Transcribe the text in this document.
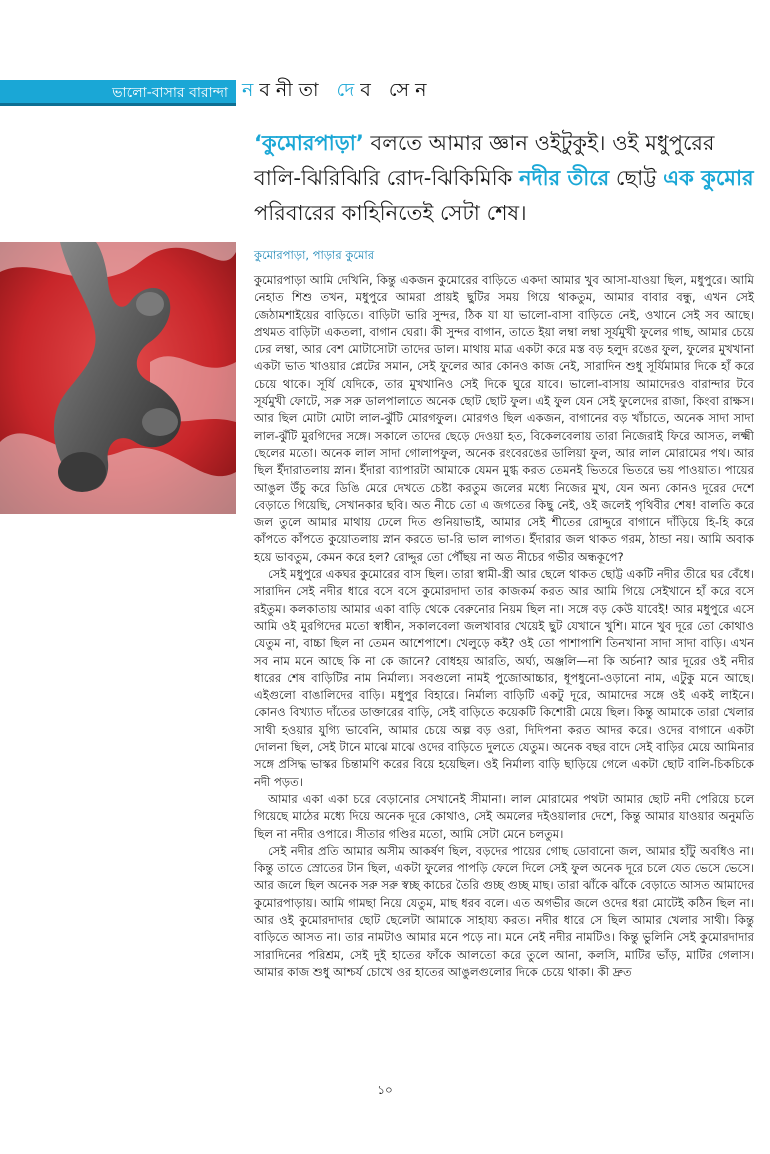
ভালো-বাসার বারান্দা নবনীতা দেব সেন
‘কুমোরপাড়া’ বলতে আমার জ্ঞান ওইটুকুই। ওই মধুপুরের বালি-ঝিরিঝিরি রোদ-ঝিকিমিকি নদীর তীরে ছোট্ট এক কুমোর পরিবারের কাহিনিতেই সেটা শেষ।
কুমোরপাড়া, পাড়ার কুমোর

কুমোরপাড়া আমি দেখিনি, কিন্তু একজন কুমোরের বাড়িতে একদা আমার খুব আসা-যাওয়া ছিল, মধুপুরে। আমি নেহাত শিশু তখন, মধুপুরে আমরা প্রায়ই ছুটির সময় গিয়ে থাকতুম, আমার বাবার বন্ধু, এখন সেই জেঠামশাইয়ের বাড়িতে। বাড়িটা ভারি সুন্দর, ঠিক যা যা ভালো-বাসা বাড়িতে নেই, ওখানে সেই সব আছে। প্রথমত বাড়িটা একতলা, বাগান ঘেরা। কী সুন্দর বাগান, তাতে ইয়া লম্বা লম্বা সূর্যমুখী ফুলের গাছ, আমার চেয়ে ঢের লম্বা, আর বেশ মোটাসোটা তাদের ডাল। মাথায় মাত্র একটা করে মস্ত বড় হলুদ রঙের ফুল, ফুলের মুখখানা একটা ভাত খাওয়ার প্লেটের সমান, সেই ফুলের আর কোনও কাজ নেই, সারাদিন শুধু সূর্যিমামার দিকে হাঁ করে চেয়ে থাকে। সূর্যি যেদিকে, তার মুখখানিও সেই দিকে ঘুরে যাবে। ভালো-বাসায় আমাদেরও বারান্দার টবে সূর্যমুখী ফোটে, সরু সরু ডালপালাতে অনেক ছোট ছোট ফুল। এই ফুল যেন সেই ফুলেদের রাজা, কিংবা রাক্ষস। আর ছিল মোটা মোটা লাল-ঝুঁটি মোরগফুল। মোরগও ছিল একজন, বাগানের বড় খাঁচাতে, অনেক সাদা সাদা লাল-ঝুঁটি মুরগিদের সঙ্গে। সকালে তাদের ছেড়ে দেওয়া হত, বিকেলবেলায় তারা নিজেরাই ফিরে আসত, লক্ষ্মী ছেলের মতো। অনেক লাল সাদা গোলাপফুল, অনেক রংবেরঙের ডালিয়া ফুল, আর লাল মোরামের পথ। আর ছিল ইঁদারাতলায় স্নান। ইঁদারা ব্যাপারটা আমাকে যেমন মুগ্ধ করত তেমনই ভিতরে ভিতরে ভয় পাওয়াত। পায়ের আঙুল উঁচু করে ডিঙি মেরে দেখতে চেষ্টা করতুম জলের মধ্যে নিজের মুখ, যেন অন্য কোনও দূরের দেশে বেড়াতে গিয়েছি, সেখানকার ছবি। অত নীচে তো এ জগতের কিছু নেই, ওই জলেই পৃথিবীর শেষ! বালতি করে জল তুলে আমার মাথায় ঢেলে দিত গুনিয়াভাই, আমার সেই শীতের রোদ্দুরে বাগানে দাঁড়িয়ে হি-হি করে কাঁপতে কাঁপতে কুয়োতলায় স্নান করতে ভা-রি ভাল লাগত। ইঁদারার জল থাকত গরম, ঠান্ডা নয়। আমি অবাক হয়ে ভাবতুম, কেমন করে হল? রোদ্দুর তো পৌঁছয় না অত নীচের গভীর অন্ধকূপে?

সেই মধুপুরে একঘর কুমোরের বাস ছিল। তারা স্বামী-স্ত্রী আর ছেলে থাকত ছোট্ট একটি নদীর তীরে ঘর বেঁধে। সারাদিন সেই নদীর ধারে বসে বসে কুমোরদাদা তার কাজকর্ম করত আর আমি গিয়ে সেইখানে হাঁ করে বসে রইতুম। কলকাতায় আমার একা বাড়ি থেকে বেরুনোর নিয়ম ছিল না। সঙ্গে বড় কেউ যাবেই! আর মধুপুরে এসে আমি ওই মুরগিদের মতো স্বাধীন, সকালবেলা জলখাবার খেয়েই ছুট যেখানে খুশি। মানে খুব দূরে তো কোথাও যেতুম না, বাচ্চা ছিল না তেমন আশেপাশে। খেলুড়ে কই? ওই তো পাশাপাশি তিনখানা সাদা সাদা বাড়ি। এখন সব নাম মনে আছে কি না কে জানে? বোধহয় আরতি, অর্ঘ্য, অঞ্জলি—না কি অর্চনা? আর দূরের ওই নদীর ধারের শেষ বাড়িটির নাম নির্মাল্য। সবগুলো নামই পুজোআচ্চার, ধূপধুনো-ওড়ানো নাম, এটুকু মনে আছে। এইগুলো বাঙালিদের বাড়ি। মধুপুর বিহারে। নির্মাল্য বাড়িটি একটু দূরে, আমাদের সঙ্গে ওই একই লাইনে। কোনও বিখ্যাত দাঁতের ডাক্তারের বাড়ি, সেই বাড়িতে কয়েকটি কিশোরী মেয়ে ছিল। কিন্তু আমাকে তারা খেলার সাথী হওয়ার যুগ্যি ভাবেনি, আমার চেয়ে অল্প বড় ওরা, দিদিপনা করত আদর করে। ওদের বাগানে একটা দোলনা ছিল, সেই টানে মাঝে মাঝে ওদের বাড়িতে দুলতে যেতুম। অনেক বছর বাদে সেই বাড়ির মেয়ে আমিনার সঙ্গে প্রসিদ্ধ ভাস্কর চিন্তামণি করের বিয়ে হয়েছিল। ওই নির্মাল্য বাড়ি ছাড়িয়ে গেলে একটা ছোট বালি-চিকচিকে নদী পড়ত।

আমার একা একা চরে বেড়ানোর সেখানেই সীমানা। লাল মোরামের পথটা আমার ছোট নদী পেরিয়ে চলে গিয়েছে মাঠের মধ্যে দিয়ে অনেক দূরে কোথাও, সেই অমলের দইওয়ালার দেশে, কিন্তু আমার যাওয়ার অনুমতি ছিল না নদীর ওপারে। সীতার গণ্ডির মতো, আমি সেটা মেনে চলতুম।

সেই নদীর প্রতি আমার অসীম আকর্ষণ ছিল, বড়দের পায়ের গোছ ডোবানো জল, আমার হাঁটু অবধিও না। কিন্তু তাতে স্রোতের টান ছিল, একটা ফুলের পাপড়ি ফেলে দিলে সেই ফুল অনেক দূরে চলে যেত ভেসে ভেসে। আর জলে ছিল অনেক সরু সরু স্বচ্ছ কাচের তৈরি গুচ্ছ গুচ্ছ মাছ। তারা ঝাঁকে ঝাঁকে বেড়াতে আসত আমাদের কুমোরপাড়ায়। আমি গামছা নিয়ে যেতুম, মাছ ধরব বলে। এত অগভীর জলে ওদের ধরা মোটেই কঠিন ছিল না। আর ওই কুমোরদাদার ছোট ছেলেটা আমাকে সাহায্য করত। নদীর ধারে সে ছিল আমার খেলার সাথী। কিন্তু বাড়িতে আসত না। তার নামটাও আমার মনে পড়ে না। মনে নেই নদীর নামটিও। কিন্তু ভুলিনি সেই কুমোরদাদার সারাদিনের পরিশ্রম, সেই দুই হাতের ফাঁকে আলতো করে তুলে আনা, কলসি, মাটির ভাঁড়, মাটির গেলাস। আমার কাজ শুধু আশ্চর্য চোখে ওর হাতের আঙুলগুলোর দিকে চেয়ে থাকা। কী দ্রুত

১০
